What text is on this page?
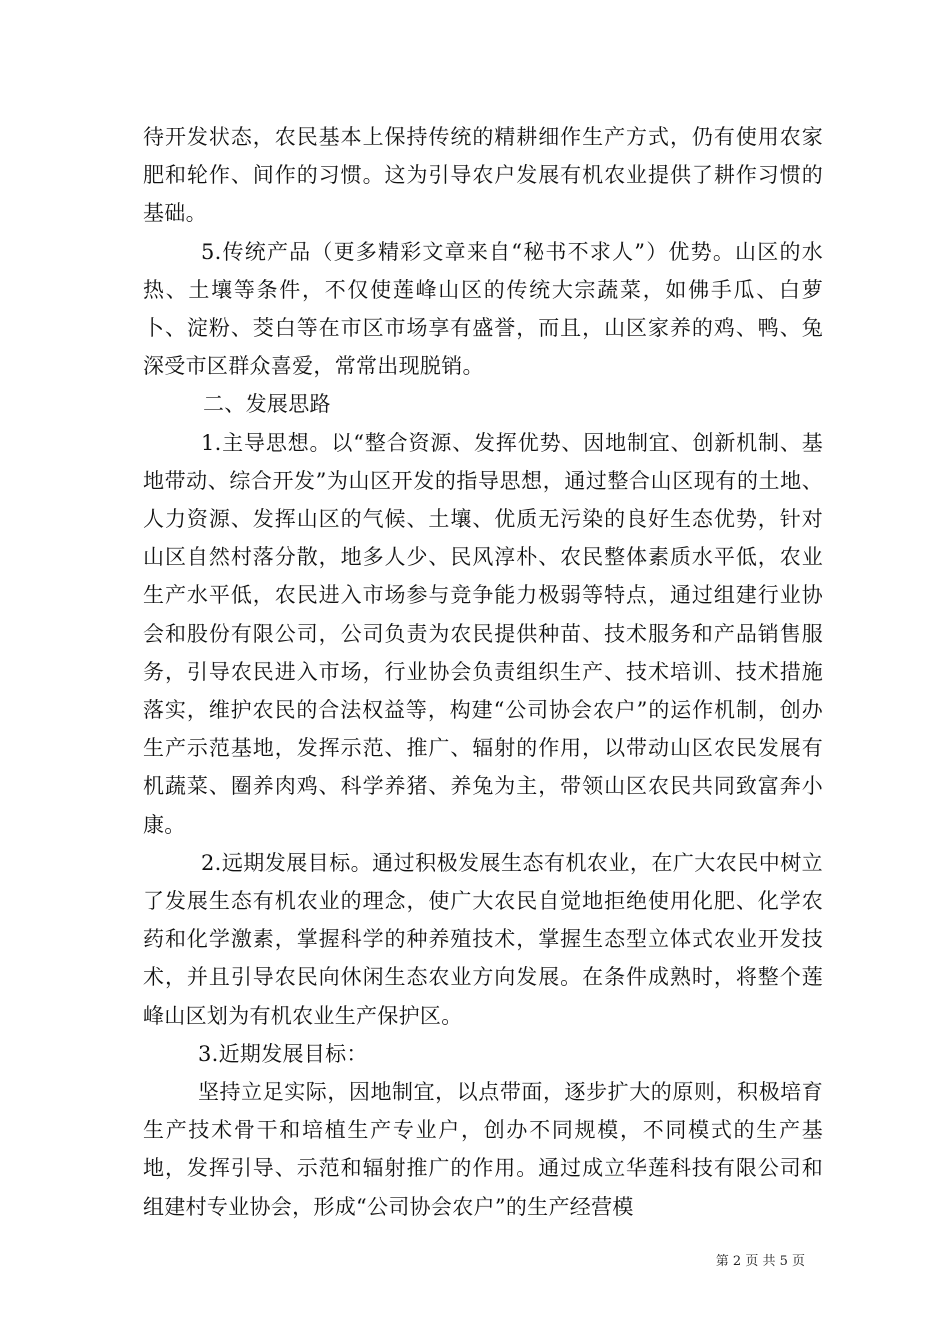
待开发状态，农民基本上保持传统的精耕细作生产方式，仍有使用农家肥和轮作、间作的习惯。这为引导农户发展有机农业提供了耕作习惯的基础。

5.传统产品（更多精彩文章来自“秘书不求人”）优势。山区的水热、土壤等条件，不仅使莲峰山区的传统大宗蔬菜，如佛手瓜、白萝卜、淀粉、茭白等在市区市场享有盛誉，而且，山区家养的鸡、鸭、兔深受市区群众喜爱，常常出现脱销。

二、发展思路

1.主导思想。以“整合资源、发挥优势、因地制宜、创新机制、基地带动、综合开发”为山区开发的指导思想，通过整合山区现有的土地、人力资源、发挥山区的气候、土壤、优质无污染的良好生态优势，针对山区自然村落分散，地多人少、民风淳朴、农民整体素质水平低，农业生产水平低，农民进入市场参与竞争能力极弱等特点，通过组建行业协会和股份有限公司，公司负责为农民提供种苗、技术服务和产品销售服务，引导农民进入市场，行业协会负责组织生产、技术培训、技术措施落实，维护农民的合法权益等，构建“公司协会农户”的运作机制，创办生产示范基地，发挥示范、推广、辐射的作用，以带动山区农民发展有机蔬菜、圈养肉鸡、科学养猪、养兔为主，带领山区农民共同致富奔小康。

2.远期发展目标。通过积极发展生态有机农业，在广大农民中树立了发展生态有机农业的理念，使广大农民自觉地拒绝使用化肥、化学农药和化学激素，掌握科学的种养殖技术，掌握生态型立体式农业开发技术，并且引导农民向休闲生态农业方向发展。在条件成熟时，将整个莲峰山区划为有机农业生产保护区。

3.近期发展目标：

坚持立足实际，因地制宜，以点带面，逐步扩大的原则，积极培育生产技术骨干和培植生产专业户，创办不同规模，不同模式的生产基地，发挥引导、示范和辐射推广的作用。通过成立华莲科技有限公司和组建村专业协会，形成“公司协会农户”的生产经营模

第 2 页 共 5 页
